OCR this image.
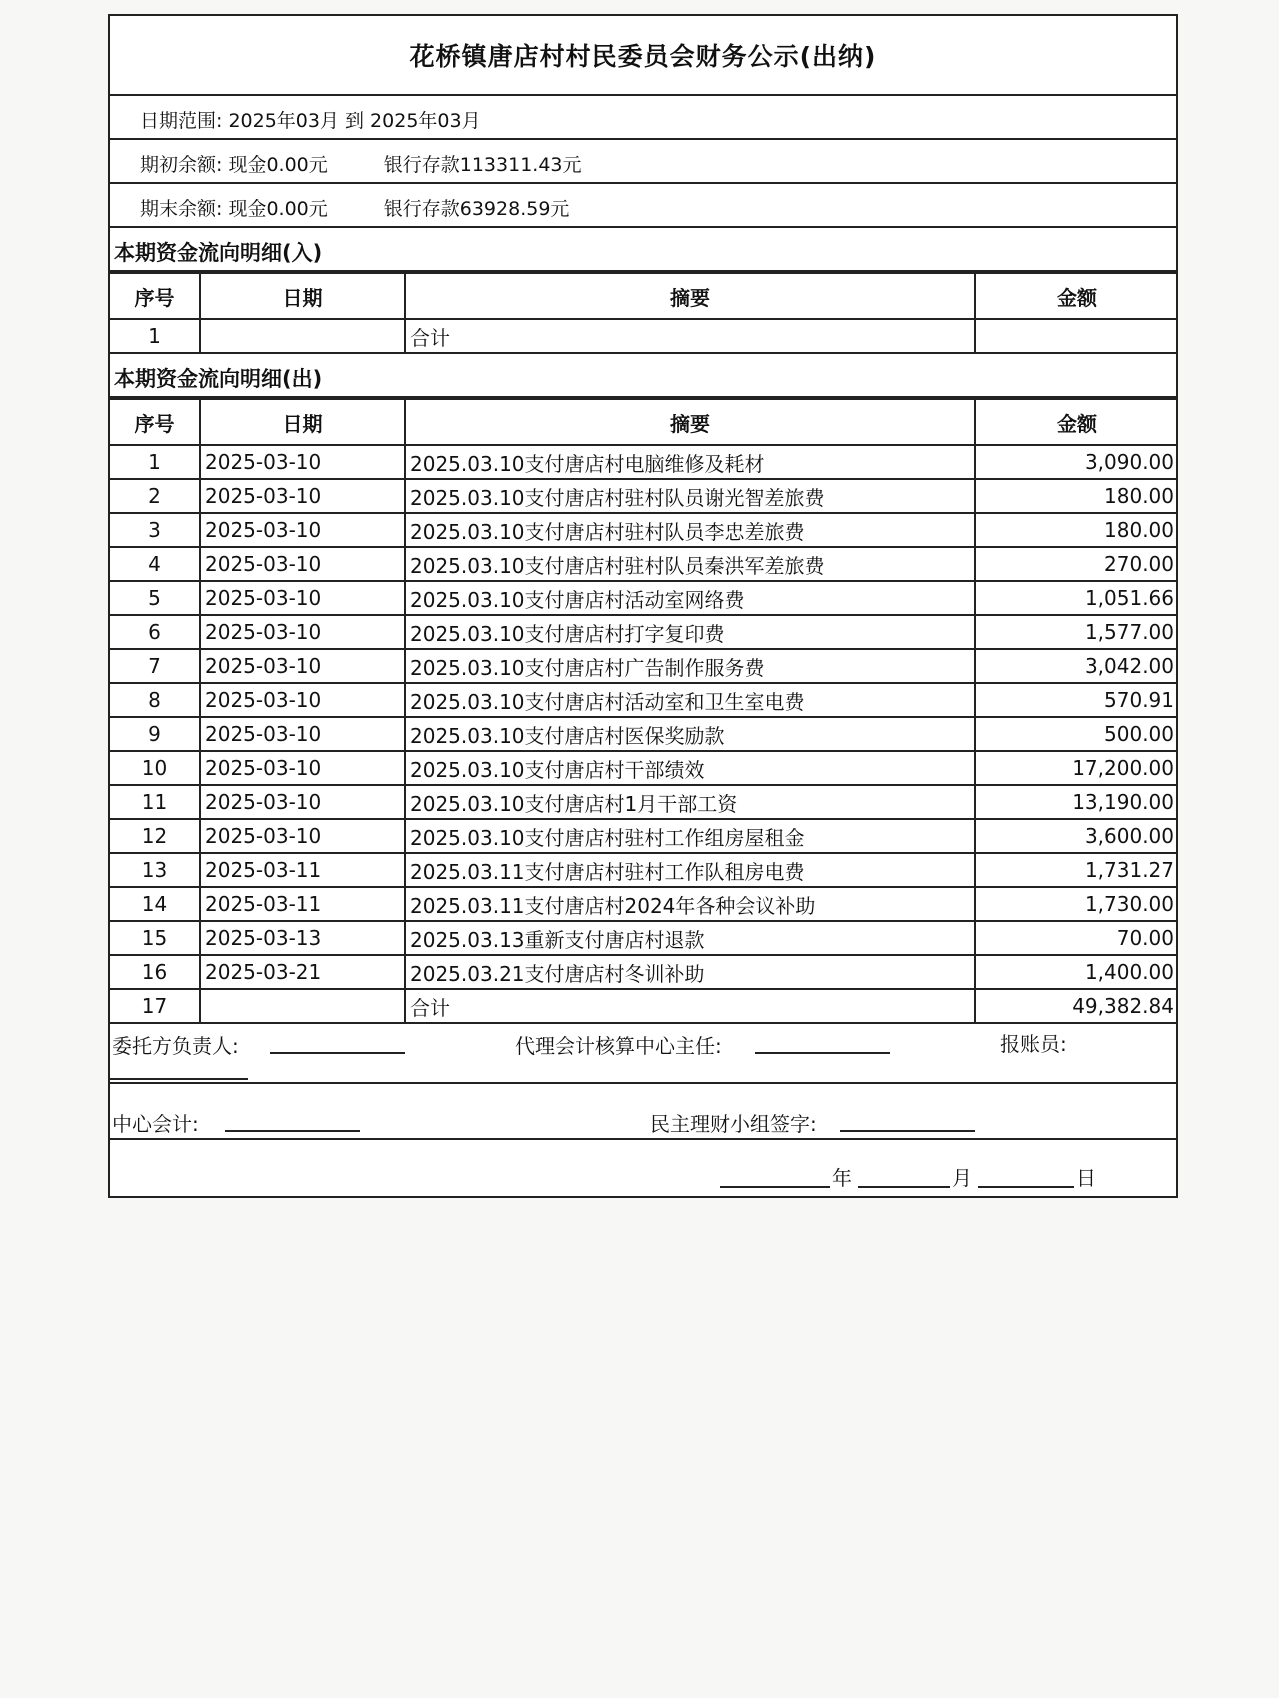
花桥镇唐店村村民委员会财务公示(出纳)
日期范围: 2025年03月 到 2025年03月
期初余额: 现金0.00元	银行存款113311.43元
期末余额: 现金0.00元	银行存款63928.59元
本期资金流向明细(入)
序号	日期	摘要	金额
1		合计	
本期资金流向明细(出)
序号	日期	摘要	金额
1	2025-03-10	2025.03.10支付唐店村电脑维修及耗材	3,090.00
2	2025-03-10	2025.03.10支付唐店村驻村队员谢光智差旅费	180.00
3	2025-03-10	2025.03.10支付唐店村驻村队员李忠差旅费	180.00
4	2025-03-10	2025.03.10支付唐店村驻村队员秦洪军差旅费	270.00
5	2025-03-10	2025.03.10支付唐店村活动室网络费	1,051.66
6	2025-03-10	2025.03.10支付唐店村打字复印费	1,577.00
7	2025-03-10	2025.03.10支付唐店村广告制作服务费	3,042.00
8	2025-03-10	2025.03.10支付唐店村活动室和卫生室电费	570.91
9	2025-03-10	2025.03.10支付唐店村医保奖励款	500.00
10	2025-03-10	2025.03.10支付唐店村干部绩效	17,200.00
11	2025-03-10	2025.03.10支付唐店村1月干部工资	13,190.00
12	2025-03-10	2025.03.10支付唐店村驻村工作组房屋租金	3,600.00
13	2025-03-11	2025.03.11支付唐店村驻村工作队租房电费	1,731.27
14	2025-03-11	2025.03.11支付唐店村2024年各种会议补助	1,730.00
15	2025-03-13	2025.03.13重新支付唐店村退款	70.00
16	2025-03-21	2025.03.21支付唐店村冬训补助	1,400.00
17		合计	49,382.84
委托方负责人:	代理会计核算中心主任:	报账员:
中心会计:	民主理财小组签字:
年	月	日
